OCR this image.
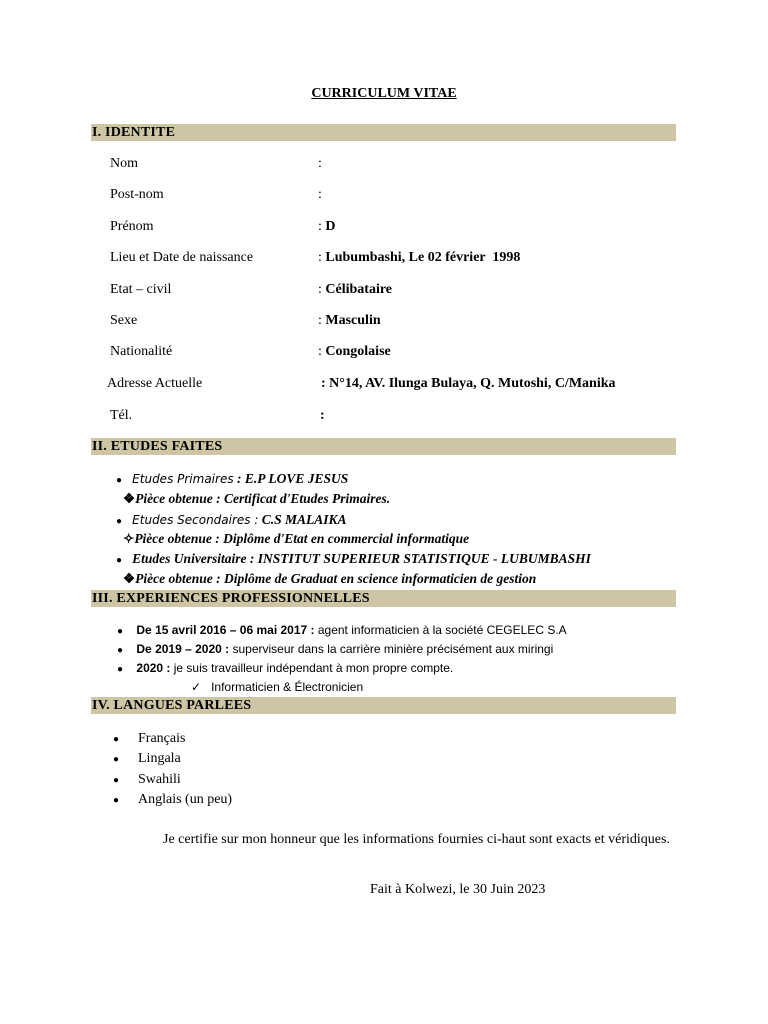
CURRICULUM VITAE
I. IDENTITE
Nom	:
Post-nom	:
Prénom	: D
Lieu et Date de naissance	: Lubumbashi, Le 02 février  1998
Etat – civil	: Célibataire
Sexe	: Masculin
Nationalité	: Congolaise
Adresse Actuelle	: N°14, AV. Ilunga Bulaya, Q. Mutoshi, C/Manika
Tél.	:
II. ETUDES FAITES
● Etudes Primaires : E.P LOVE JESUS
❖Pièce obtenue : Certificat d'Etudes Primaires.
● Etudes Secondaires : C.S MALAIKA
✧Pièce obtenue : Diplôme d'Etat en commercial informatique
● Etudes Universitaire : INSTITUT SUPERIEUR STATISTIQUE - LUBUMBASHI
❖Pièce obtenue : Diplôme de Graduat en science informaticien de gestion
III. EXPERIENCES PROFESSIONNELLES
● De 15 avril 2016 – 06 mai 2017 : agent informaticien à la société CEGELEC S.A
● De 2019 – 2020 : superviseur dans la carrière minière précisément aux miringi
● 2020 : je suis travailleur indépendant à mon propre compte.
✓ Informaticien & Électronicien
IV. LANGUES PARLEES
● Français
● Lingala
● Swahili
● Anglais (un peu)
Je certifie sur mon honneur que les informations fournies ci-haut sont exacts et véridiques.
Fait à Kolwezi, le 30 Juin 2023
